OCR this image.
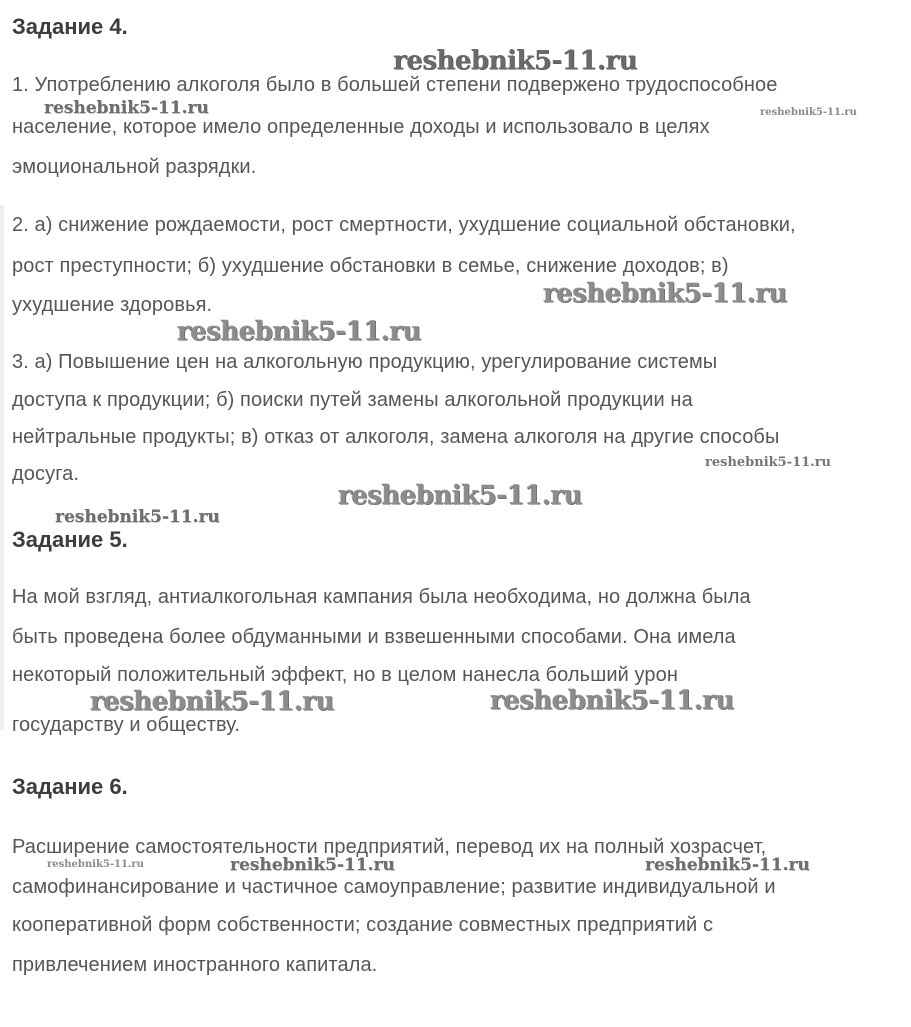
Задание 4.
1. Употреблению алкоголя было в большей степени подвержено трудоспособное
население, которое имело определенные доходы и использовало в целях
эмоциональной разрядки.
2. а) снижение рождаемости, рост смертности, ухудшение социальной обстановки,
рост преступности; б) ухудшение обстановки в семье, снижение доходов; в)
ухудшение здоровья.
3. а) Повышение цен на алкогольную продукцию, урегулирование системы
доступа к продукции; б) поиски путей замены алкогольной продукции на
нейтральные продукты; в) отказ от алкоголя, замена алкоголя на другие способы
досуга.
Задание 5.
На мой взгляд, антиалкогольная кампания была необходима, но должна была
быть проведена более обдуманными и взвешенными способами. Она имела
некоторый положительный эффект, но в целом нанесла больший урон
государству и обществу.
Задание 6.
Расширение самостоятельности предприятий, перевод их на полный хозрасчет,
самофинансирование и частичное самоуправление; развитие индивидуальной и
кооперативной форм собственности; создание совместных предприятий с
привлечением иностранного капитала.
reshebnik5-11.ru
reshebnik5-11.ru	reshebnik5-11.ru
reshebnik5-11.ru
reshebnik5-11.ru
reshebnik5-11.ru
reshebnik5-11.ru
reshebnik5-11.ru
reshebnik5-11.ru	reshebnik5-11.ru
reshebnik5-11.ru	reshebnik5-11.ru	reshebnik5-11.ru
